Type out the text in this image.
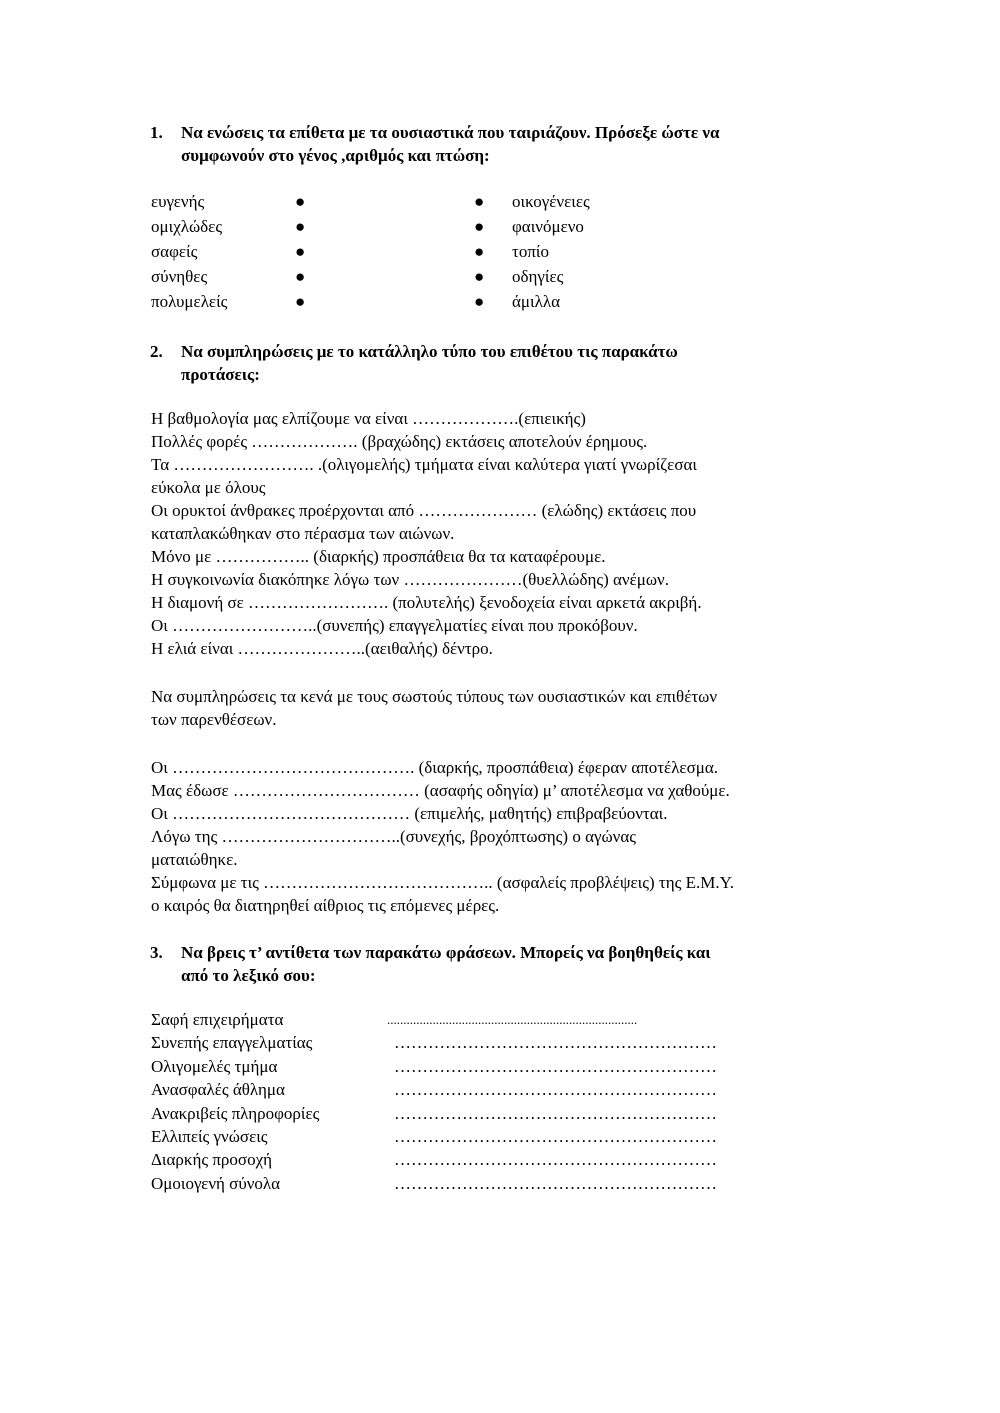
1. Να ενώσεις τα επίθετα με τα ουσιαστικά που ταιριάζουν. Πρόσεξε ώστε να
συμφωνούν στο γένος ,αριθμός και πτώση:
ευγενής	●	● οικογένειες
ομιχλώδες	●	● φαινόμενο
σαφείς	●	● τοπίο
σύνηθες	●	● οδηγίες
πολυμελείς	●	● άμιλλα
2. Να συμπληρώσεις με το κατάλληλο τύπο του επιθέτου τις παρακάτω
προτάσεις:
Η βαθμολογία μας ελπίζουμε να είναι ……………….(επιεικής)
Πολλές φορές ………………. (βραχώδης) εκτάσεις αποτελούν έρημους.
Τα ……………………. .(ολιγομελής) τμήματα είναι καλύτερα γιατί γνωρίζεσαι
εύκολα με όλους
Οι ορυκτοί άνθρακες προέρχονται από ………………… (ελώδης) εκτάσεις που
καταπλακώθηκαν στο πέρασμα των αιώνων.
Μόνο με …………….. (διαρκής) προσπάθεια θα τα καταφέρουμε.
Η συγκοινωνία διακόπηκε λόγω των …………………(θυελλώδης) ανέμων.
Η διαμονή σε ……………………. (πολυτελής) ξενοδοχεία είναι αρκετά ακριβή.
Οι ……………………..(συνεπής) επαγγελματίες είναι που προκόβουν.
Η ελιά είναι …………………..(αειθαλής) δέντρο.
Να συμπληρώσεις τα κενά με τους σωστούς τύπους των ουσιαστικών και επιθέτων
των παρενθέσεων.
Οι ……………………………………. (διαρκής, προσπάθεια) έφεραν αποτέλεσμα.
Μας έδωσε …………………………… (ασαφής οδηγία) μ’ αποτέλεσμα να χαθούμε.
Οι …………………………………… (επιμελής, μαθητής) επιβραβεύονται.
Λόγω της …………………………..(συνεχής, βροχόπτωσης) ο αγώνας
ματαιώθηκε.
Σύμφωνα με τις ………………………………….. (ασφαλείς προβλέψεις) της Ε.Μ.Υ.
ο καιρός θα διατηρηθεί αίθριος τις επόμενες μέρες.
3. Να βρεις τ’ αντίθετα των παρακάτω φράσεων. Μπορείς να βοηθηθείς και
από το λεξικό σου:
Σαφή επιχειρήματα	.............................................................................
Συνεπής επαγγελματίας	…………………………………………………
Ολιγομελές τμήμα	…………………………………………………
Ανασφαλές άθλημα	…………………………………………………
Ανακριβείς πληροφορίες	…………………………………………………
Ελλιπείς γνώσεις	…………………………………………………
Διαρκής προσοχή	…………………………………………………
Ομοιογενή σύνολα	…………………………………………………
